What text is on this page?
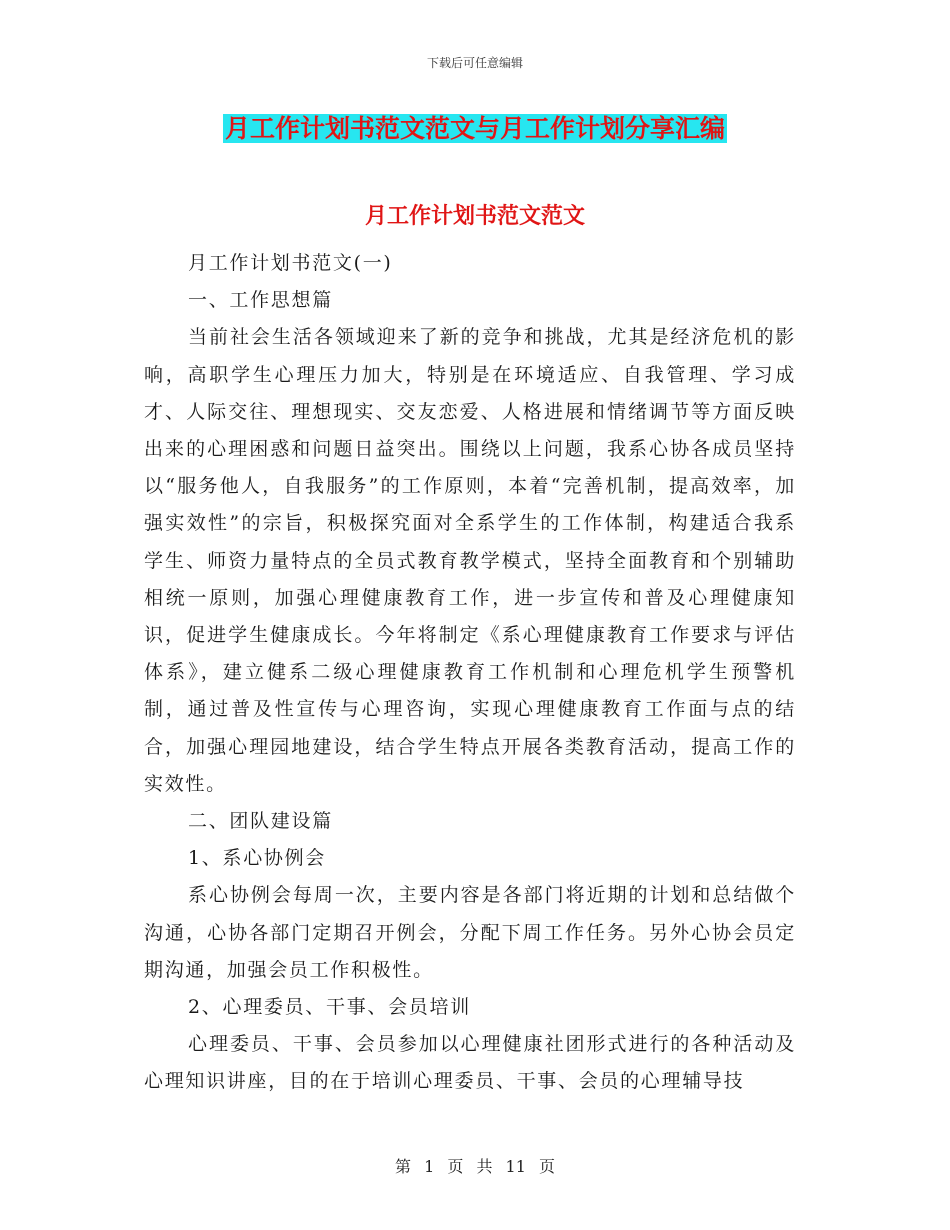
下载后可任意编辑
月工作计划书范文范文与月工作计划分享汇编
月工作计划书范文范文

月工作计划书范文(一)

一、工作思想篇

当前社会生活各领域迎来了新的竞争和挑战，尤其是经济危机的影响，高职学生心理压力加大，特别是在环境适应、自我管理、学习成才、人际交往、理想现实、交友恋爱、人格进展和情绪调节等方面反映出来的心理困惑和问题日益突出。围绕以上问题，我系心协各成员坚持以“服务他人，自我服务”的工作原则，本着“完善机制，提高效率，加强实效性”的宗旨，积极探究面对全系学生的工作体制，构建适合我系学生、师资力量特点的全员式教育教学模式，坚持全面教育和个别辅助相统一原则，加强心理健康教育工作，进一步宣传和普及心理健康知识，促进学生健康成长。今年将制定《系心理健康教育工作要求与评估体系》，建立健系二级心理健康教育工作机制和心理危机学生预警机制，通过普及性宣传与心理咨询，实现心理健康教育工作面与点的结合，加强心理园地建设，结合学生特点开展各类教育活动，提高工作的实效性。

二、团队建设篇

1、系心协例会

系心协例会每周一次，主要内容是各部门将近期的计划和总结做个沟通，心协各部门定期召开例会，分配下周工作任务。另外心协会员定期沟通，加强会员工作积极性。

2、心理委员、干事、会员培训

心理委员、干事、会员参加以心理健康社团形式进行的各种活动及心理知识讲座，目的在于培训心理委员、干事、会员的心理辅导技

第 1 页 共 11 页
